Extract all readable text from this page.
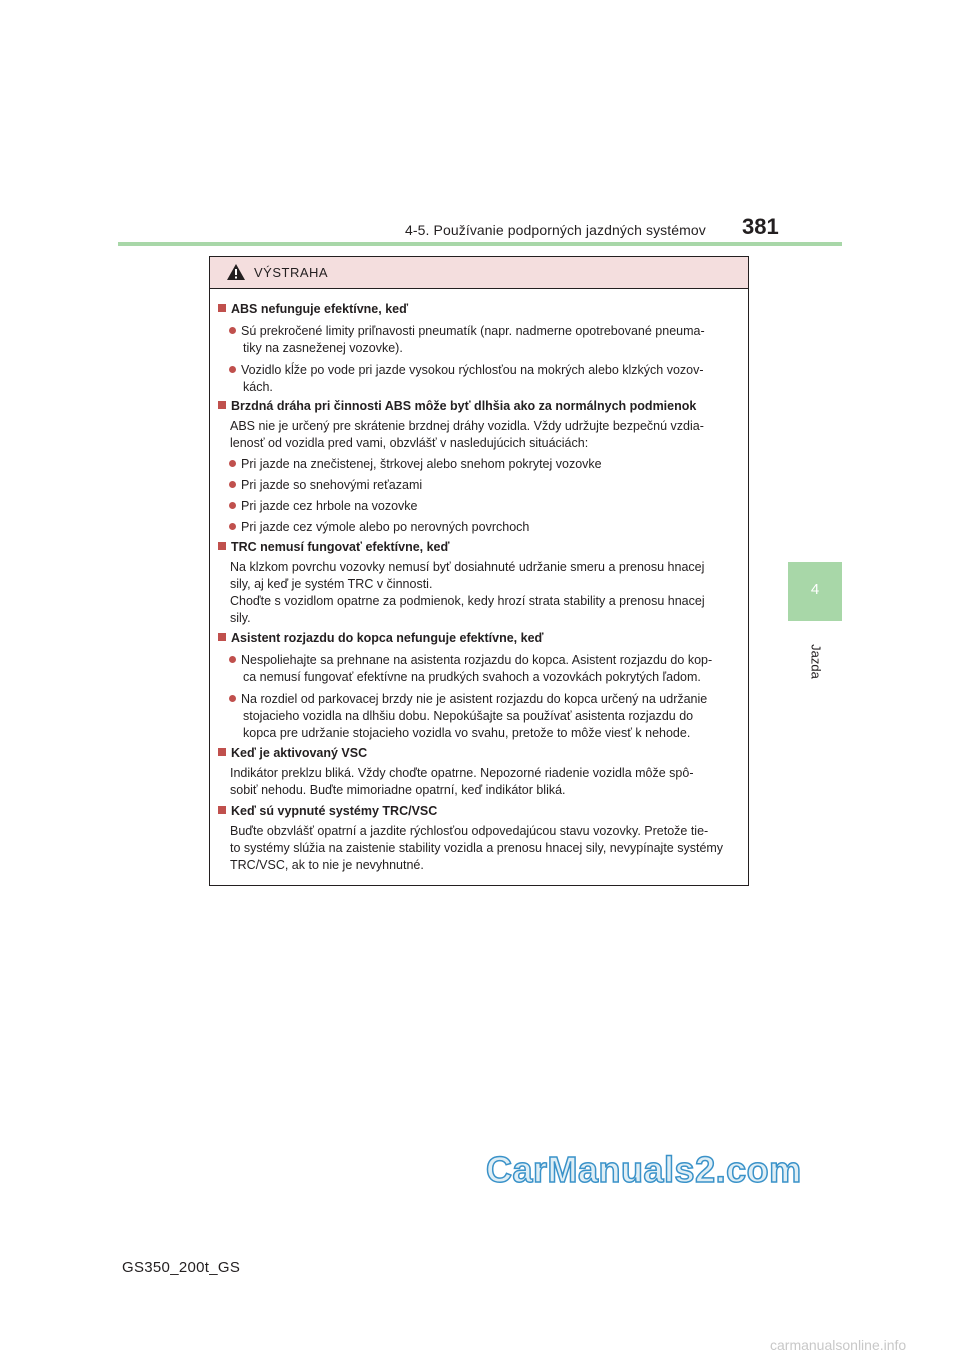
4-5. Používanie podporných jazdných systémov 381
4
Jazda
VÝSTRAHA
ABS nefunguje efektívne, keď
Sú prekročené limity priľnavosti pneumatík (napr. nadmerne opotrebované pneuma-
tiky na zasneženej vozovke).
Vozidlo kĺže po vode pri jazde vysokou rýchlosťou na mokrých alebo klzkých vozov-
kách.
Brzdná dráha pri činnosti ABS môže byť dlhšia ako za normálnych podmienok
ABS nie je určený pre skrátenie brzdnej dráhy vozidla. Vždy udržujte bezpečnú vzdia-
lenosť od vozidla pred vami, obzvlášť v nasledujúcich situáciách:
Pri jazde na znečistenej, štrkovej alebo snehom pokrytej vozovke
Pri jazde so snehovými reťazami
Pri jazde cez hrbole na vozovke
Pri jazde cez výmole alebo po nerovných povrchoch
TRC nemusí fungovať efektívne, keď
Na klzkom povrchu vozovky nemusí byť dosiahnuté udržanie smeru a prenosu hnacej
sily, aj keď je systém TRC v činnosti.
Choďte s vozidlom opatrne za podmienok, kedy hrozí strata stability a prenosu hnacej
sily.
Asistent rozjazdu do kopca nefunguje efektívne, keď
Nespoliehajte sa prehnane na asistenta rozjazdu do kopca. Asistent rozjazdu do kop-
ca nemusí fungovať efektívne na prudkých svahoch a vozovkách pokrytých ľadom.
Na rozdiel od parkovacej brzdy nie je asistent rozjazdu do kopca určený na udržanie
stojacieho vozidla na dlhšiu dobu. Nepokúšajte sa používať asistenta rozjazdu do
kopca pre udržanie stojacieho vozidla vo svahu, pretože to môže viesť k nehode.
Keď je aktivovaný VSC
Indikátor preklzu bliká. Vždy choďte opatrne. Nepozorné riadenie vozidla môže spô-
sobiť nehodu. Buďte mimoriadne opatrní, keď indikátor bliká.
Keď sú vypnuté systémy TRC/VSC
Buďte obzvlášť opatrní a jazdite rýchlosťou odpovedajúcou stavu vozovky. Pretože tie-
to systémy slúžia na zaistenie stability vozidla a prenosu hnacej sily, nevypínajte systémy
TRC/VSC, ak to nie je nevyhnutné.
GS350_200t_GS
CarManuals2.com
carmanualsonline.info
